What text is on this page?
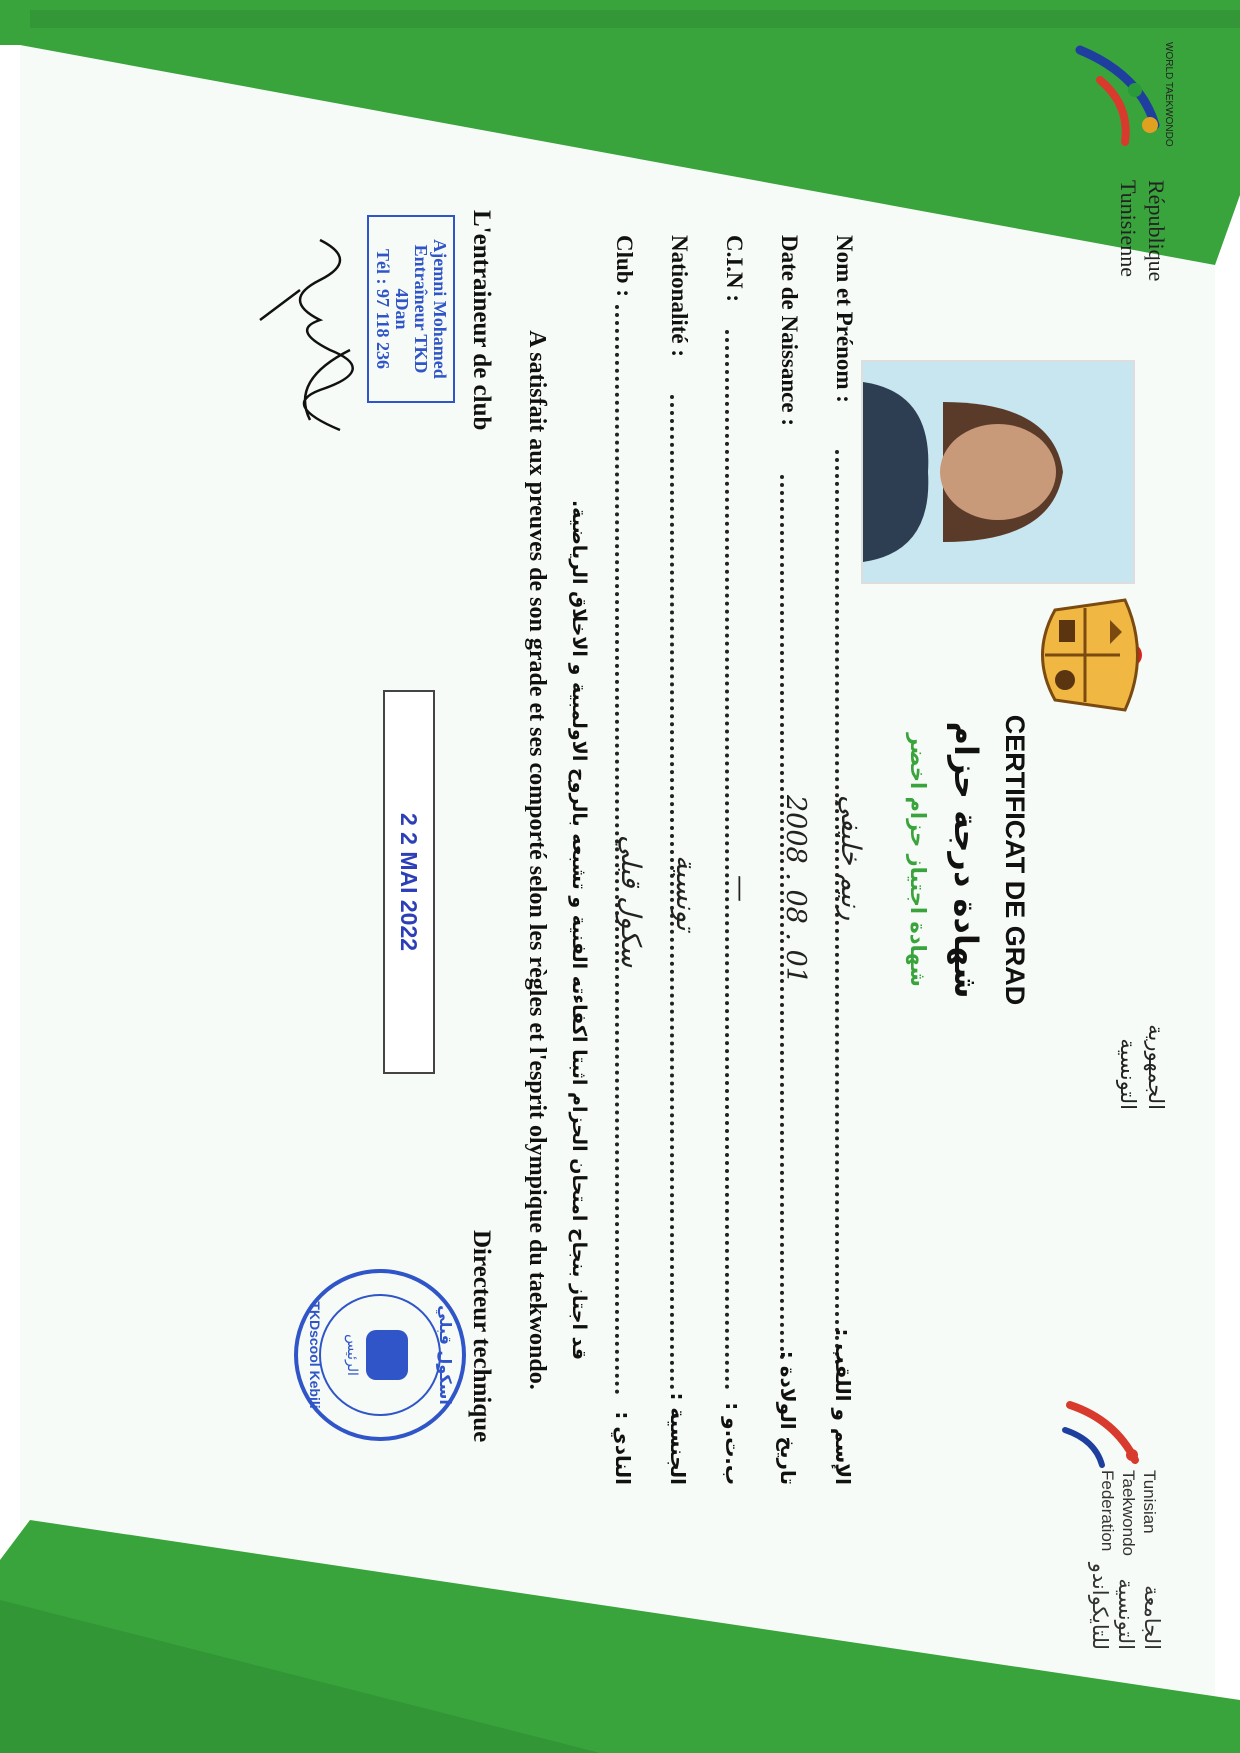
République
Tunisienne
الجمهورية
التونسية
WORLD TAEKWONDO
Tunisian
Taekwondo
Federation
الجامعة
التونسية
للتايكواندو
CERTIFICAT DE GRAD
شهادة درجة حزام
شهادة اجتياز حزام اخضر
Nom et Prénom :
رنيم خليفي
الإسم و اللقب :
Date de Naissance :
2008 . 08 . 01
تاريخ الولادة :
C.I.N :
—
ب.ت.و :
Nationalité :
تونسية
الجنسية :
Club :
سكول قبلي
النادي :
قد اجتاز بنجاح امتحان الحزام اثبتا اكفاءته الفنية و تشبعه بالروح الاولمبية و الاخلاق الرياضية.
A satisfait aux preuves de son grade et ses comporté selon les règles et l'esprit olympique du taekwondo.
L'entraineur de club
Directeur technique
Ajemni Mohamed
Entraîneur TKD
4Dan
Tél : 97 118 236
2 2 MAI 2022
اسكول قبلي
الرئيس
TKDscool Kebili
